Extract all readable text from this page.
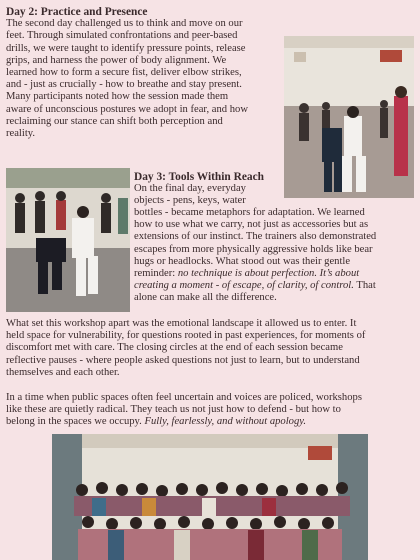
Day 2: Practice and Presence
The second day challenged us to think and move on our
feet. Through simulated confrontations and peer-based
drills, we were taught to identify pressure points, release
grips, and harness the power of body alignment. We
learned how to form a secure fist, deliver elbow strikes,
and - just as crucially - how to breathe and stay present.
Many participants noted how the session made them
aware of unconscious postures we adopt in fear, and how
reclaiming our stance can shift both perception and
reality.
Day 3: Tools Within Reach
On the final day, everyday
objects - pens, keys, water
bottles - became metaphors for adaptation. We learned
how to use what we carry, not just as accessories but as
extensions of our instinct. The trainers also demonstrated
escapes from more physically aggressive holds like bear
hugs or headlocks. What stood out was their gentle
reminder: no technique is about perfection. It’s about
creating a moment - of escape, of clarity, of control. That
alone can make all the difference.
What set this workshop apart was the emotional landscape it allowed us to enter. It
held space for vulnerability, for questions rooted in past experiences, for moments of
discomfort met with care. The closing circles at the end of each session became
reflective pauses - where people asked questions not just to learn, but to understand
themselves and each other.
In a time when public spaces often feel uncertain and voices are policed, workshops
like these are quietly radical. They teach us not just how to defend - but how to
belong in the spaces we occupy. Fully, fearlessly, and without apology.
